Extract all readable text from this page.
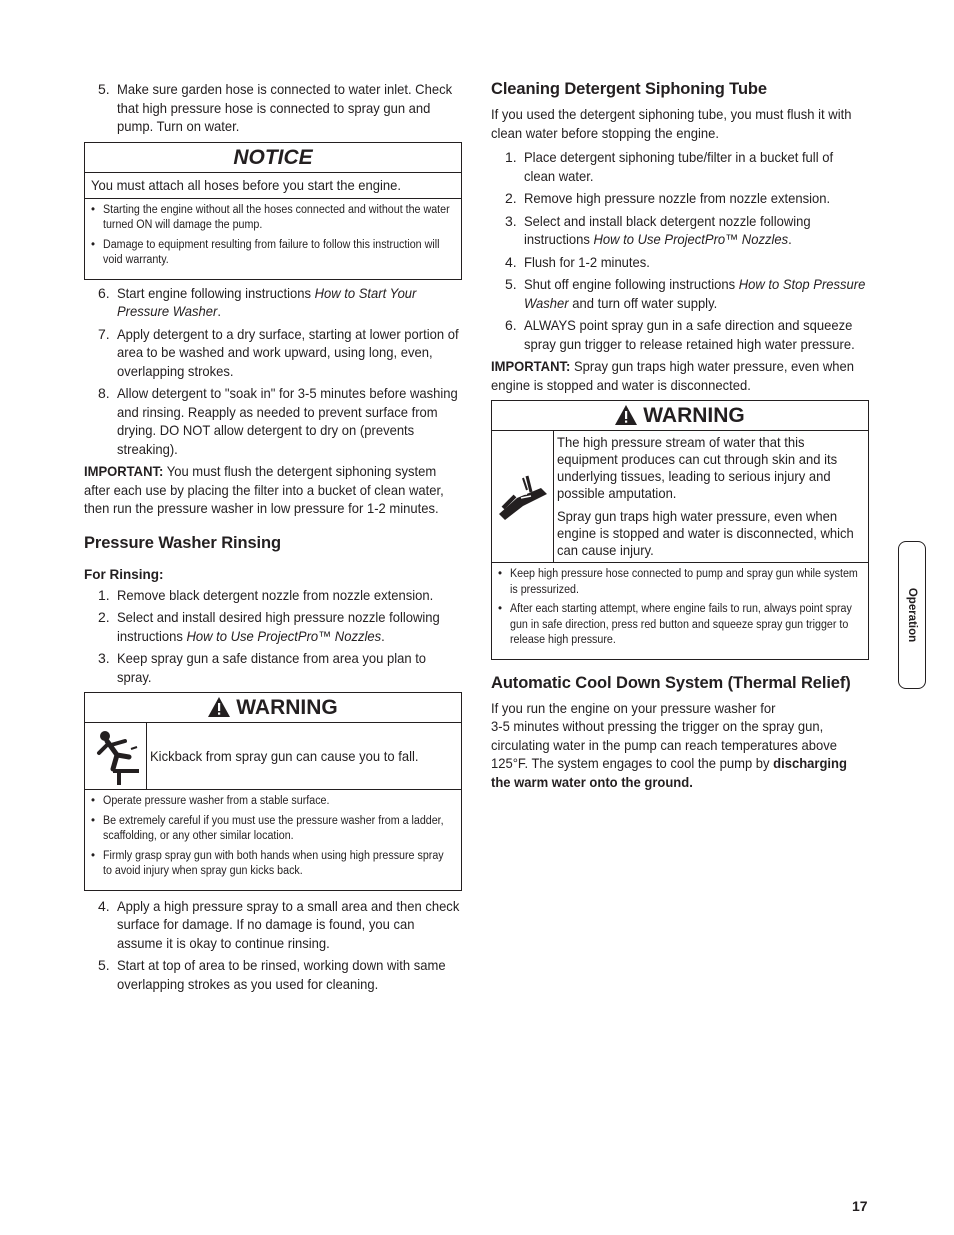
5. Make sure garden hose is connected to water inlet. Check that high pressure hose is connected to spray gun and pump. Turn on water.
NOTICE
You must attach all hoses before you start the engine.
• Starting the engine without all the hoses connected and without the water turned ON will damage the pump.
• Damage to equipment resulting from failure to follow this instruction will void warranty.
6. Start engine following instructions How to Start Your Pressure Washer.
7. Apply detergent to a dry surface, starting at lower portion of area to be washed and work upward, using long, even, overlapping strokes.
8. Allow detergent to "soak in" for 3-5 minutes before washing and rinsing. Reapply as needed to prevent surface from drying. DO NOT allow detergent to dry on (prevents streaking).

IMPORTANT: You must flush the detergent siphoning system after each use by placing the filter into a bucket of clean water, then run the pressure washer in low pressure for 1-2 minutes.

Pressure Washer Rinsing
For Rinsing:
1. Remove black detergent nozzle from nozzle extension.
2. Select and install desired high pressure nozzle following instructions How to Use ProjectPro™ Nozzles.
3. Keep spray gun a safe distance from area you plan to spray.
WARNING
Kickback from spray gun can cause you to fall.
• Operate pressure washer from a stable surface.
• Be extremely careful if you must use the pressure washer from a ladder, scaffolding, or any other similar location.
• Firmly grasp spray gun with both hands when using high pressure spray to avoid injury when spray gun kicks back.
4. Apply a high pressure spray to a small area and then check surface for damage. If no damage is found, you can assume it is okay to continue rinsing.
5. Start at top of area to be rinsed, working down with same overlapping strokes as you used for cleaning.
Cleaning Detergent Siphoning Tube

If you used the detergent siphoning tube, you must flush it with clean water before stopping the engine.

1. Place detergent siphoning tube/filter in a bucket full of clean water.
2. Remove high pressure nozzle from nozzle extension.
3. Select and install black detergent nozzle following instructions How to Use ProjectPro™ Nozzles.
4. Flush for 1-2 minutes.
5. Shut off engine following instructions How to Stop Pressure Washer and turn off water supply.
6. ALWAYS point spray gun in a safe direction and squeeze spray gun trigger to release retained high water pressure.

IMPORTANT: Spray gun traps high water pressure, even when engine is stopped and water is disconnected.

WARNING

The high pressure stream of water that this equipment produces can cut through skin and its underlying tissues, leading to serious injury and possible amputation.

Spray gun traps high water pressure, even when engine is stopped and water is disconnected, which can cause injury.

• Keep high pressure hose connected to pump and spray gun while system is pressurized.
• After each starting attempt, where engine fails to run, always point spray gun in safe direction, press red button and squeeze spray gun trigger to release high pressure.
Automatic Cool Down System (Thermal Relief)

If you run the engine on your pressure washer for
3-5 minutes without pressing the trigger on the spray gun, circulating water in the pump can reach temperatures above 125°F. The system engages to cool the pump by discharging the warm water onto the ground.

Operation
17
